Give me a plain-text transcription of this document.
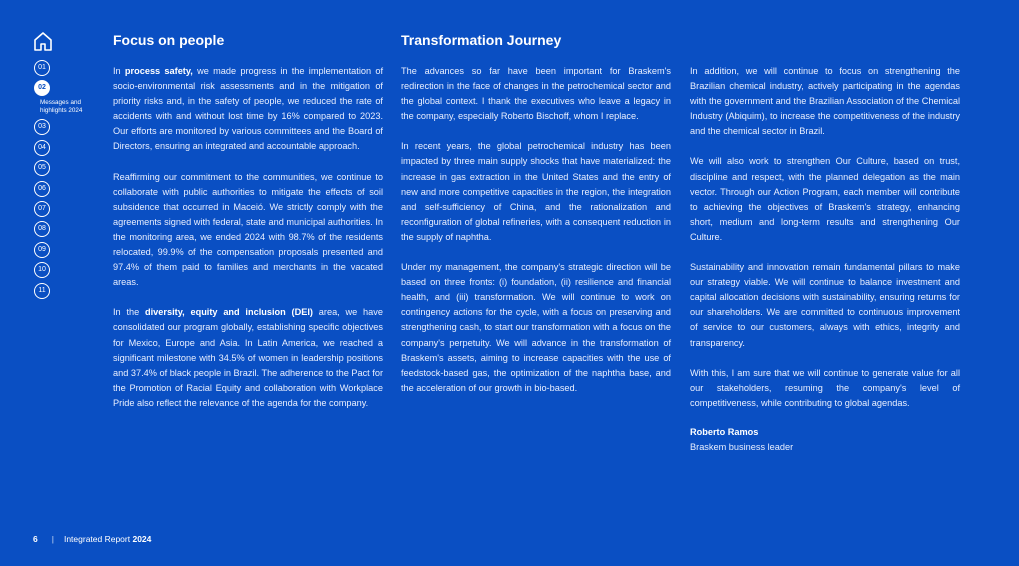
01
02
Messages and
highlights 2024
03
04
05
06
07
08
09
10
11
Focus on people

In process safety, we made progress in the implementation of socio-environmental risk assessments and in the mitigation of priority risks and, in the safety of people, we reduced the rate of accidents with and without lost time by 16% compared to 2023. Our efforts are monitored by various committees and the Board of Directors, ensuring an integrated and accountable approach.

Reaffirming our commitment to the communities, we continue to collaborate with public authorities to mitigate the effects of soil subsidence that occurred in Maceió. We strictly comply with the agreements signed with federal, state and municipal authorities. In the monitoring area, we ended 2024 with 98.7% of the residents relocated, 99.9% of the compensation proposals presented and 97.4% of them paid to families and merchants in the vacated areas.

In the diversity, equity and inclusion (DEI) area, we have consolidated our program globally, establishing specific objectives for Mexico, Europe and Asia. In Latin America, we reached a significant milestone with 34.5% of women in leadership positions and 37.4% of black people in Brazil. The adherence to the Pact for the Promotion of Racial Equity and collaboration with Workplace Pride also reflect the relevance of the agenda for the company.

Transformation Journey

The advances so far have been important for Braskem's redirection in the face of changes in the petrochemical sector and the global context. I thank the executives who leave a legacy in the company, especially Roberto Bischoff, whom I replace.

In recent years, the global petrochemical industry has been impacted by three main supply shocks that have materialized: the increase in gas extraction in the United States and the entry of new and more competitive capacities in the region, the integration and self-sufficiency of China, and the rationalization and reconfiguration of global refineries, with a consequent reduction in the supply of naphtha.

Under my management, the company's strategic direction will be based on three fronts: (i) foundation, (ii) resilience and financial health, and (iii) transformation. We will continue to work on contingency actions for the cycle, with a focus on preserving and strengthening cash, to start our transformation with a focus on the company's perpetuity. We will advance in the transformation of Braskem's assets, aiming to increase capacities with the use of feedstock-based gas, the optimization of the naphtha base, and the acceleration of our growth in bio-based.

In addition, we will continue to focus on strengthening the Brazilian chemical industry, actively participating in the agendas with the government and the Brazilian Association of the Chemical Industry (Abiquim), to increase the competitiveness of the industry and the chemical sector in Brazil.

We will also work to strengthen Our Culture, based on trust, discipline and respect, with the planned delegation as the main vector. Through our Action Program, each member will contribute to achieving the objectives of Braskem's strategy, enhancing short, medium and long-term results and strengthening Our Culture.

Sustainability and innovation remain fundamental pillars to make our strategy viable. We will continue to balance investment and capital allocation decisions with sustainability, ensuring returns for our shareholders. We are committed to continuous improvement of service to our customers, always with ethics, integrity and transparency.

With this, I am sure that we will continue to generate value for all our stakeholders, resuming the company's level of competitiveness, while contributing to global agendas.

Roberto Ramos
Braskem business leader
6 | Integrated Report 2024
